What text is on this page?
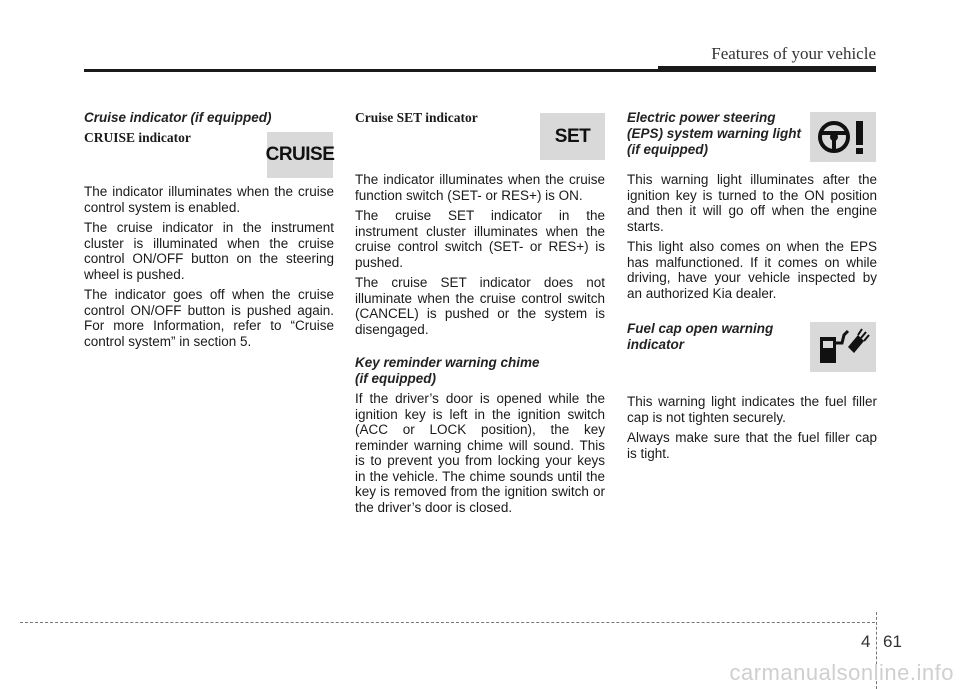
Features of your vehicle
Cruise indicator (if equipped)
CRUISE indicator

The indicator illuminates when the cruise control system is enabled.

The cruise indicator in the instrument cluster is illuminated when the cruise control ON/OFF button on the steering wheel is pushed.

The indicator goes off when the cruise control ON/OFF button is pushed again. For more Information, refer to “Cruise control system” in section 5.

CRUISE
Cruise SET indicator

The indicator illuminates when the cruise function switch (SET- or RES+) is ON.

The cruise SET indicator in the instrument cluster illuminates when the cruise control switch (SET- or RES+) is pushed.

The cruise SET indicator does not illuminate when the cruise control switch (CANCEL) is pushed or the system is disengaged.

Key reminder warning chime
(if equipped)

If the driver’s door is opened while the ignition key is left in the ignition switch (ACC or LOCK position), the key reminder warning chime will sound. This is to prevent you from locking your keys in the vehicle. The chime sounds until the key is removed from the ignition switch or the driver’s door is closed.

SET
Electric power steering
(EPS) system warning light
(if equipped)

This warning light illuminates after the ignition key is turned to the ON position and then it will go off when the engine starts.

This light also comes on when the EPS has malfunctioned. If it comes on while driving, have your vehicle inspected by an authorized Kia dealer.

Fuel cap open warning
indicator

This warning light indicates the fuel filler cap is not tighten securely.

Always make sure that the fuel filler cap is tight.

4 61
carmanualsonline.info
